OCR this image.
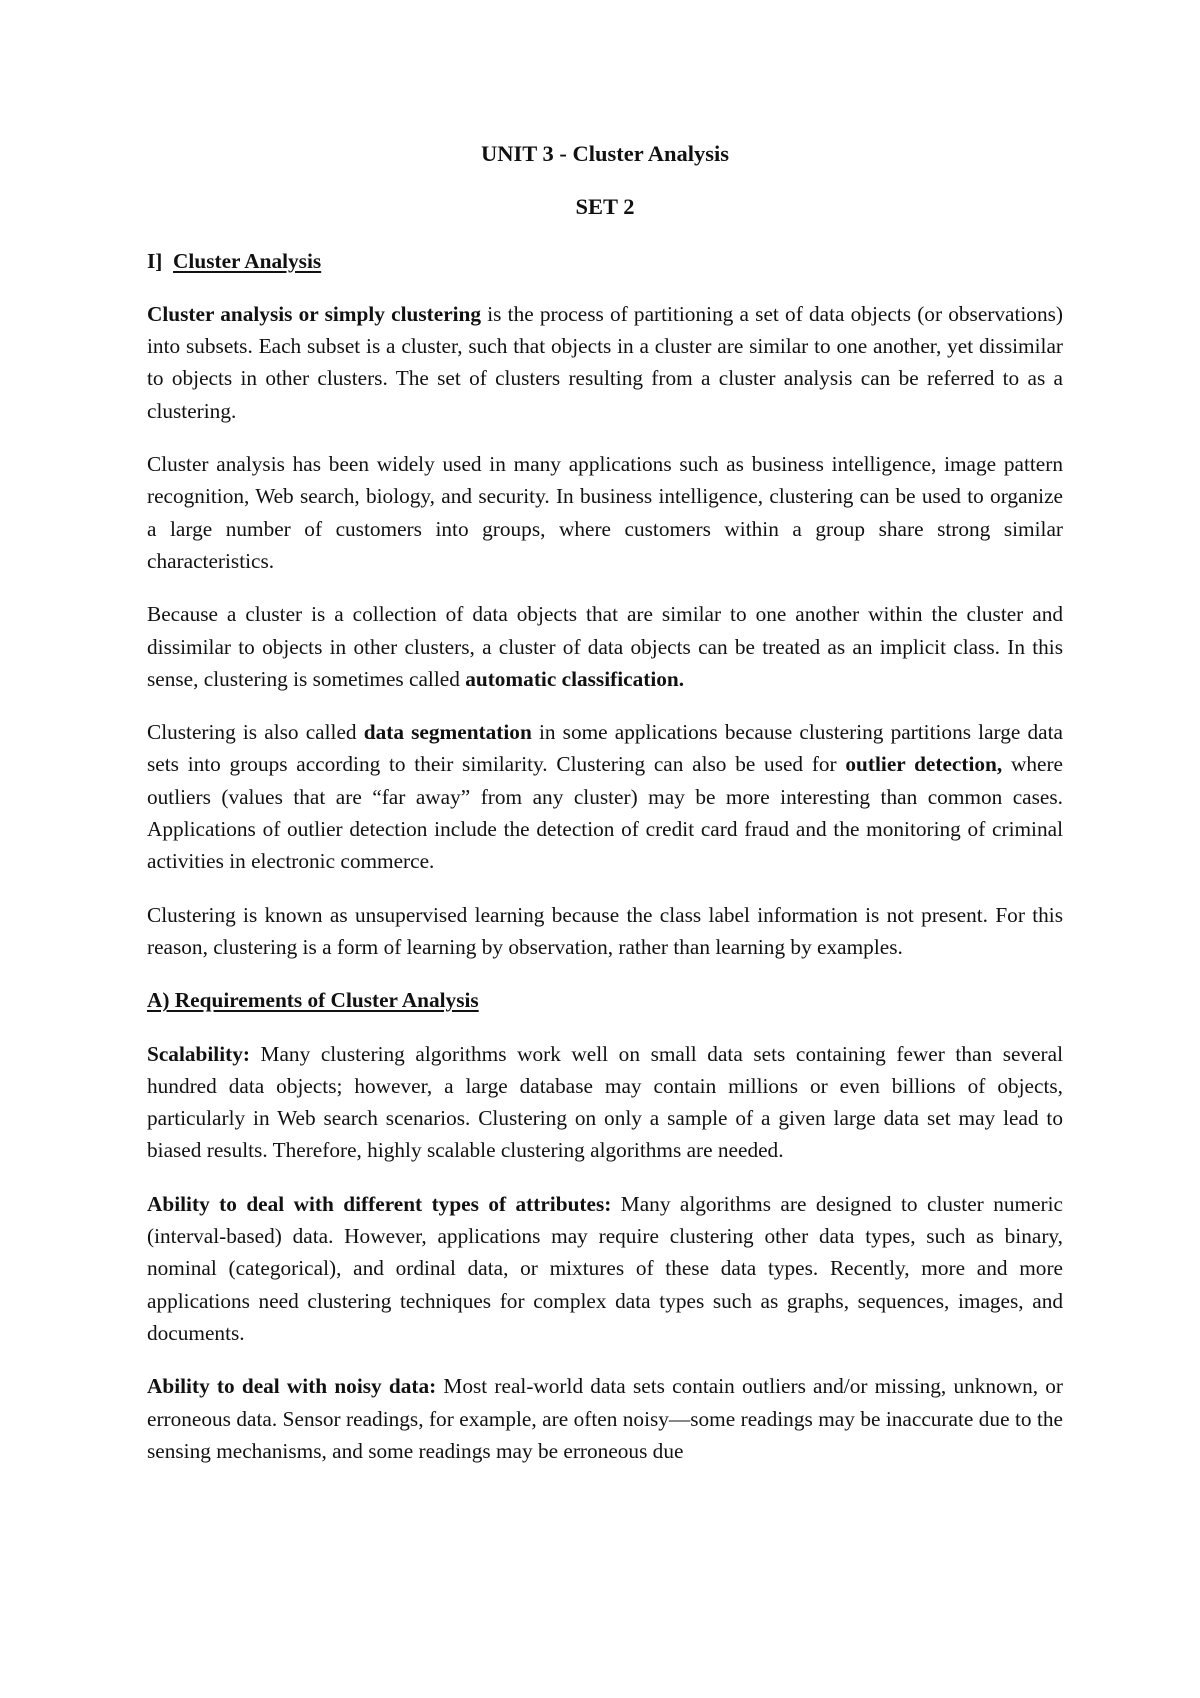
UNIT 3 - Cluster Analysis
SET 2
I] Cluster Analysis

Cluster analysis or simply clustering is the process of partitioning a set of data objects (or observations) into subsets. Each subset is a cluster, such that objects in a cluster are similar to one another, yet dissimilar to objects in other clusters. The set of clusters resulting from a cluster analysis can be referred to as a clustering.

Cluster analysis has been widely used in many applications such as business intelligence, image pattern recognition, Web search, biology, and security. In business intelligence, clustering can be used to organize a large number of customers into groups, where customers within a group share strong similar characteristics.

Because a cluster is a collection of data objects that are similar to one another within the cluster and dissimilar to objects in other clusters, a cluster of data objects can be treated as an implicit class. In this sense, clustering is sometimes called automatic classification.

Clustering is also called data segmentation in some applications because clustering partitions large data sets into groups according to their similarity. Clustering can also be used for outlier detection, where outliers (values that are “far away” from any cluster) may be more interesting than common cases. Applications of outlier detection include the detection of credit card fraud and the monitoring of criminal activities in electronic commerce.

Clustering is known as unsupervised learning because the class label information is not present. For this reason, clustering is a form of learning by observation, rather than learning by examples.

A) Requirements of Cluster Analysis

Scalability: Many clustering algorithms work well on small data sets containing fewer than several hundred data objects; however, a large database may contain millions or even billions of objects, particularly in Web search scenarios. Clustering on only a sample of a given large data set may lead to biased results. Therefore, highly scalable clustering algorithms are needed.

Ability to deal with different types of attributes: Many algorithms are designed to cluster numeric (interval-based) data. However, applications may require clustering other data types, such as binary, nominal (categorical), and ordinal data, or mixtures of these data types. Recently, more and more applications need clustering techniques for complex data types such as graphs, sequences, images, and documents.

Ability to deal with noisy data: Most real-world data sets contain outliers and/or missing, unknown, or erroneous data. Sensor readings, for example, are often noisy—some readings may be inaccurate due to the sensing mechanisms, and some readings may be erroneous due
